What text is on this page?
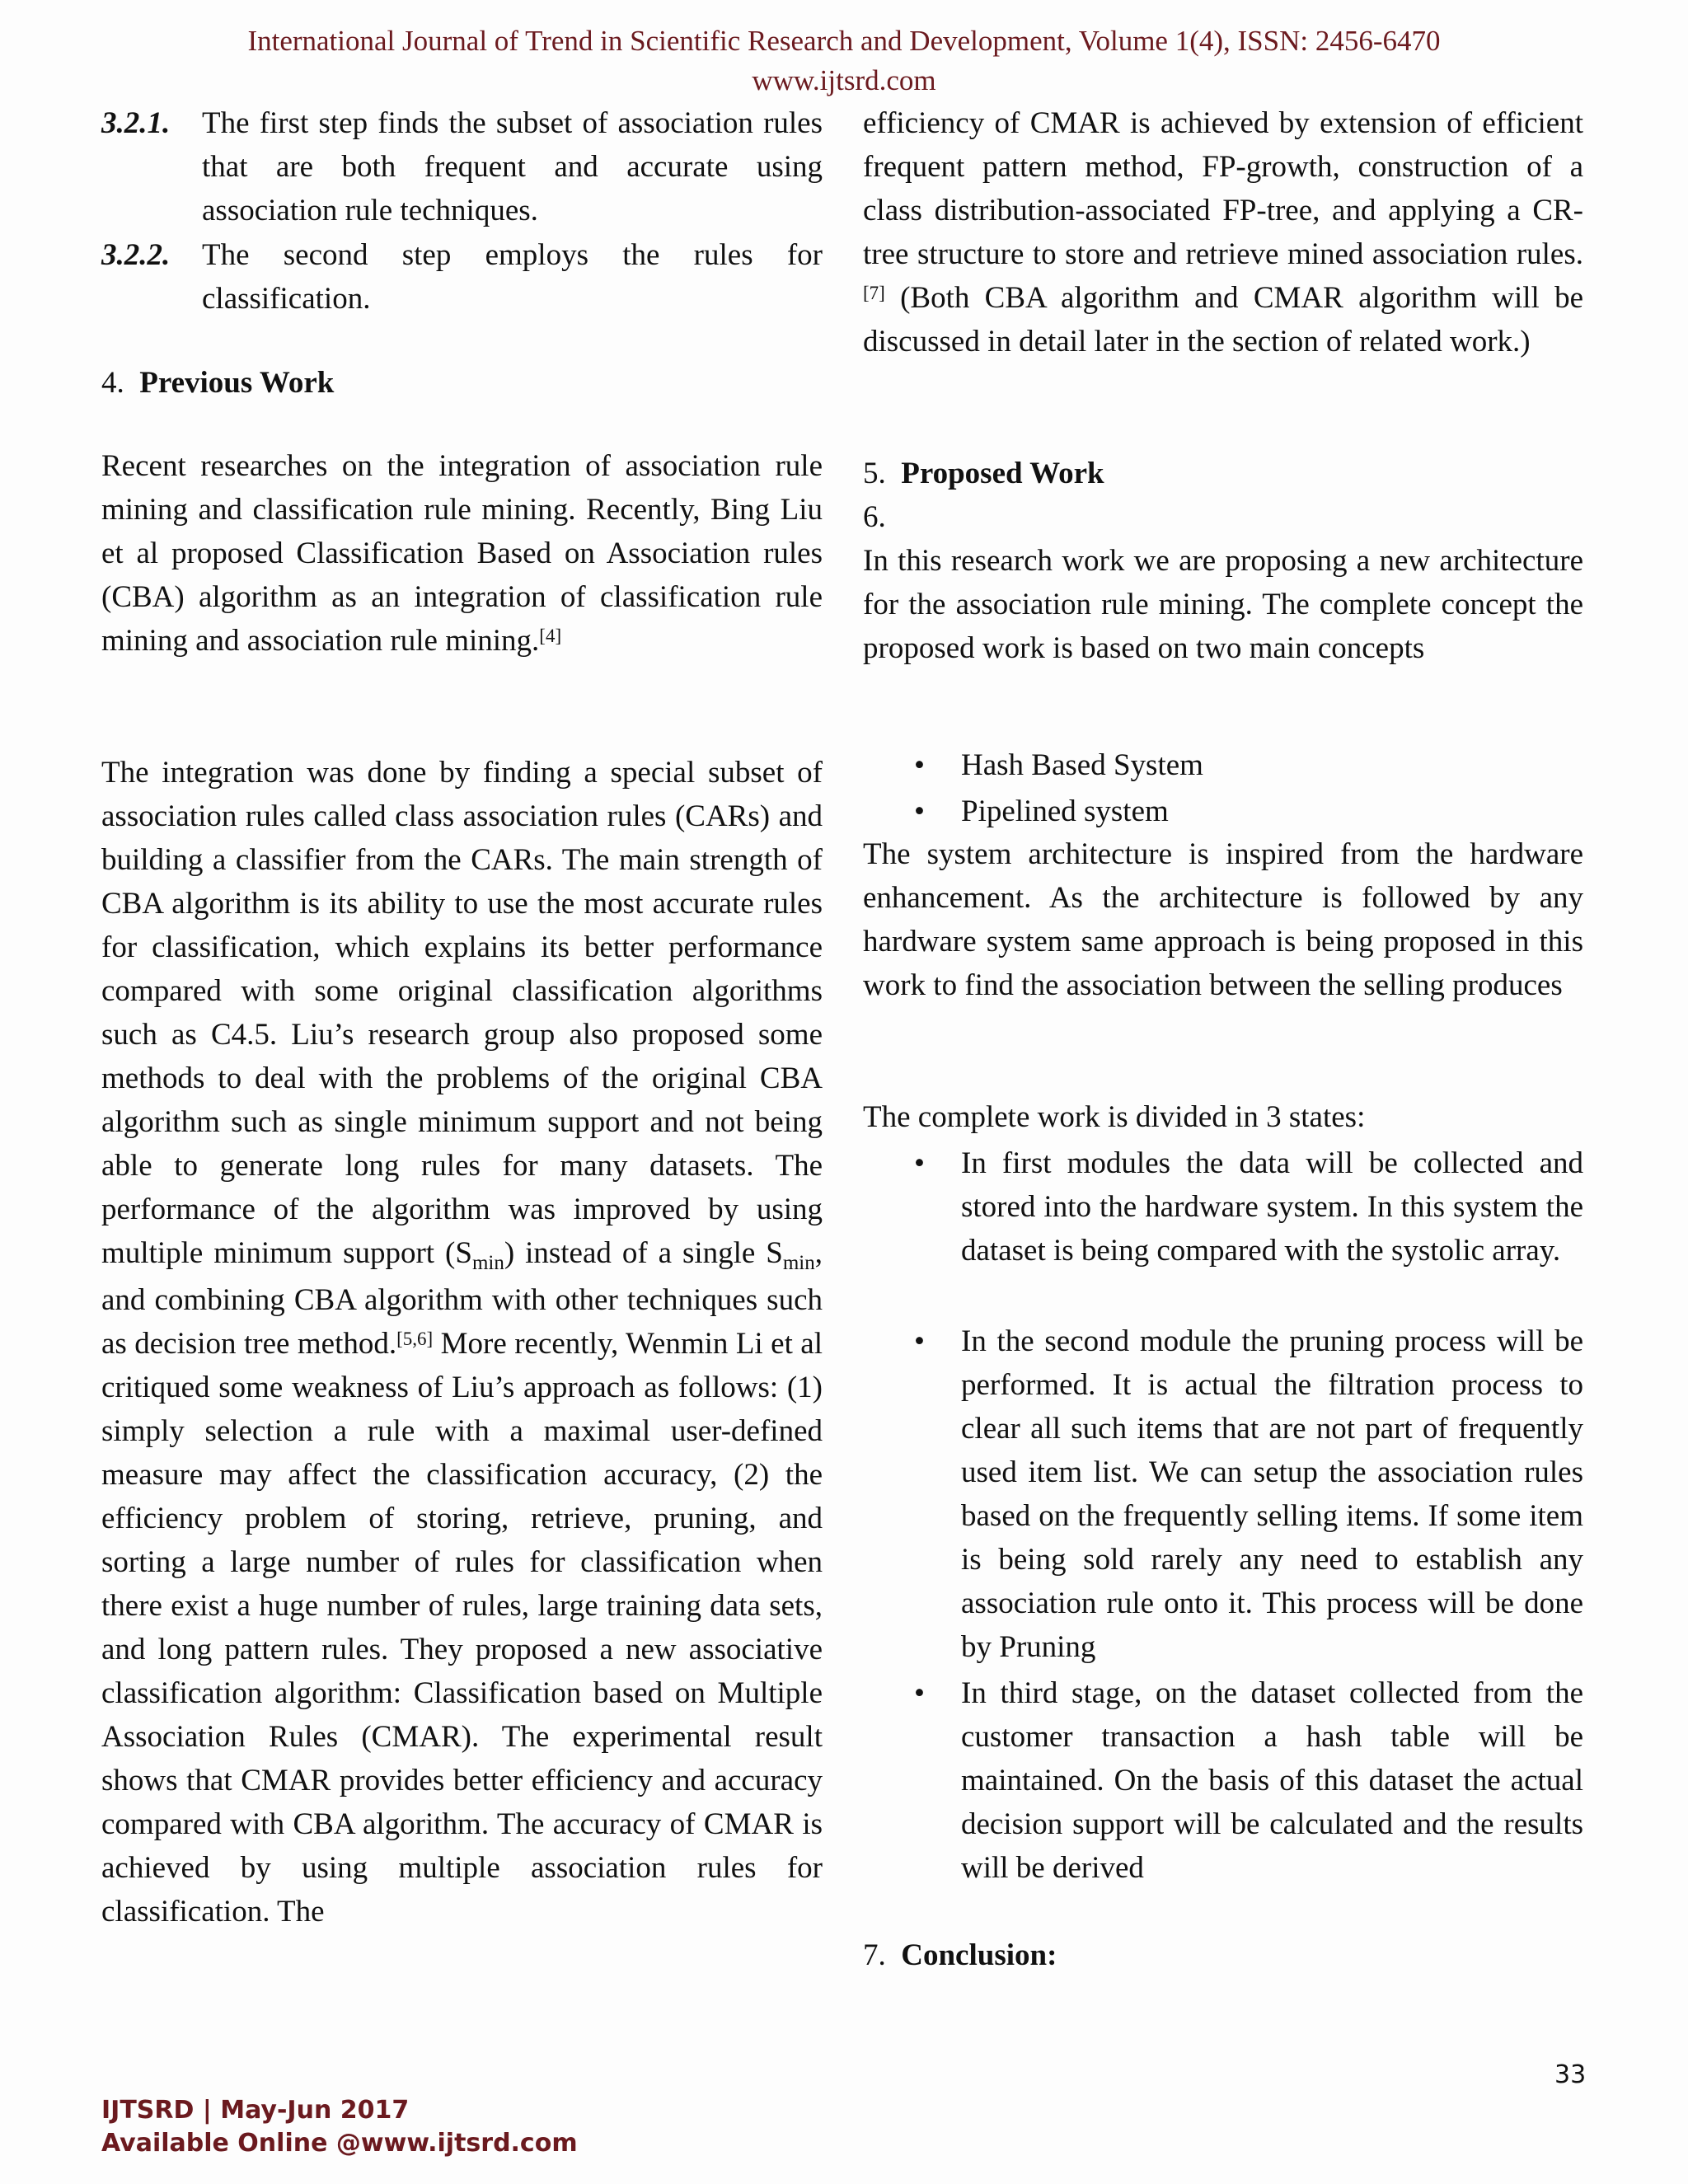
International Journal of Trend in Scientific Research and Development, Volume 1(4), ISSN: 2456-6470
www.ijtsrd.com
3.2.1. The first step finds the subset of association rules that are both frequent and accurate using association rule techniques.
3.2.2. The second step employs the rules for classification.
4. Previous Work
Recent researches on the integration of association rule mining and classification rule mining. Recently, Bing Liu et al proposed Classification Based on Association rules (CBA) algorithm as an integration of classification rule mining and association rule mining.[4]
The integration was done by finding a special subset of association rules called class association rules (CARs) and building a classifier from the CARs. The main strength of CBA algorithm is its ability to use the most accurate rules for classification, which explains its better performance compared with some original classification algorithms such as C4.5. Liu’s research group also proposed some methods to deal with the problems of the original CBA algorithm such as single minimum support and not being able to generate long rules for many datasets. The performance of the algorithm was improved by using multiple minimum support $(S_{min})$ instead of a single $S_{min}$, and combining CBA algorithm with other techniques such as decision tree method.[5,6] More recently, Wenmin Li et al critiqued some weakness of Liu’s approach as follows: (1) simply selection a rule with a maximal user-defined measure may affect the classification accuracy, (2) the efficiency problem of storing, retrieve, pruning, and sorting a large number of rules for classification when there exist a huge number of rules, large training data sets, and long pattern rules. They proposed a new associative classification algorithm: Classification based on Multiple Association Rules (CMAR). The experimental result shows that CMAR provides better efficiency and accuracy compared with CBA algorithm. The accuracy of CMAR is achieved by using multiple association rules for classification. The
efficiency of CMAR is achieved by extension of efficient frequent pattern method, FP-growth, construction of a class distribution-associated FP-tree, and applying a CR-tree structure to store and retrieve mined association rules.[7] (Both CBA algorithm and CMAR algorithm will be discussed in detail later in the section of related work.)
5. Proposed Work
6.
In this research work we are proposing a new architecture for the association rule mining. The complete concept the proposed work is based on two main concepts
• Hash Based System
• Pipelined system
The system architecture is inspired from the hardware enhancement. As the architecture is followed by any hardware system same approach is being proposed in this work to find the association between the selling produces
The complete work is divided in 3 states:
• In first modules the data will be collected and stored into the hardware system. In this system the dataset is being compared with the systolic array.
• In the second module the pruning process will be performed. It is actual the filtration process to clear all such items that are not part of frequently used item list. We can setup the association rules based on the frequently selling items. If some item is being sold rarely any need to establish any association rule onto it. This process will be done by Pruning
• In third stage, on the dataset collected from the customer transaction a hash table will be maintained. On the basis of this dataset the actual decision support will be calculated and the results will be derived
7. Conclusion:
33
IJTSRD | May-Jun 2017
Available Online @www.ijtsrd.com
